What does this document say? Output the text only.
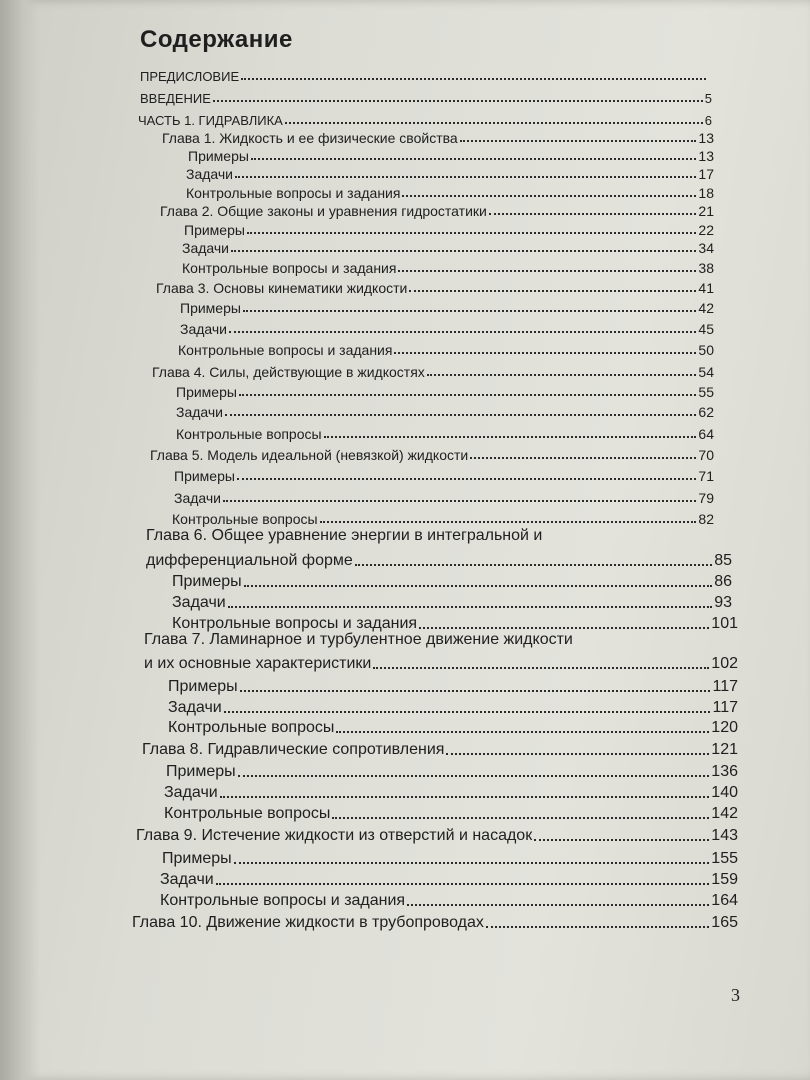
Содержание
ПРЕДИСЛОВИЕ
ВВЕДЕНИЕ	5
ЧАСТЬ 1. ГИДРАВЛИКА	6
Глава 1. Жидкость и ее физические свойства	13
Примеры	13
Задачи	17
Контрольные вопросы и задания	18
Глава 2. Общие законы и уравнения гидростатики	21
Примеры	22
Задачи	34
Контрольные вопросы и задания	38
Глава 3. Основы кинематики жидкости	41
Примеры	42
Задачи	45
Контрольные вопросы и задания	50
Глава 4. Силы, действующие в жидкостях	54
Примеры	55
Задачи	62
Контрольные вопросы	64
Глава 5. Модель идеальной (невязкой) жидкости	70
Примеры	71
Задачи	79
Контрольные вопросы	82
Глава 6. Общее уравнение энергии в интегральной и
дифференциальной форме	85
Примеры	86
Задачи	93
Контрольные вопросы и задания	101
Глава 7. Ламинарное и турбулентное движение жидкости
и их основные характеристики	102
Примеры	117
Задачи	117
Контрольные вопросы	120
Глава 8. Гидравлические сопротивления	121
Примеры	136
Задачи	140
Контрольные вопросы	142
Глава 9. Истечение жидкости из отверстий и насадок	143
Примеры	155
Задачи	159
Контрольные вопросы и задания	164
Глава 10. Движение жидкости в трубопроводах	165
3
